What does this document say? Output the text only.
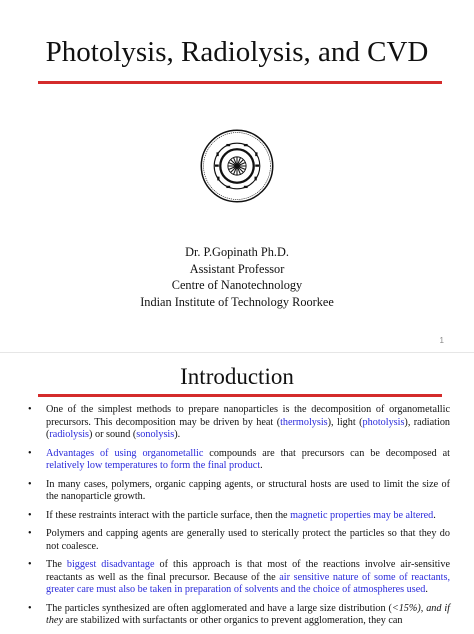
Photolysis, Radiolysis, and CVD
Dr. P.Gopinath Ph.D.
Assistant Professor
Centre of Nanotechnology
Indian Institute of Technology Roorkee
1
Introduction
• One of the simplest methods to prepare nanoparticles is the decomposition of organometallic precursors. This decomposition may be driven by heat (thermolysis), light (photolysis), radiation (radiolysis) or sound (sonolysis).
• Advantages of using organometallic compounds are that precursors can be decomposed at relatively low temperatures to form the final product.
• In many cases, polymers, organic capping agents, or structural hosts are used to limit the size of the nanoparticle growth.
• If these restraints interact with the particle surface, then the magnetic properties may be altered.
• Polymers and capping agents are generally used to sterically protect the particles so that they do not coalesce.
• The biggest disadvantage of this approach is that most of the reactions involve air-sensitive reactants as well as the final precursor. Because of the air sensitive nature of some of reactants, greater care must also be taken in preparation of solvents and the choice of atmospheres used.
• The particles synthesized are often agglomerated and have a large size distribution (<15%), and if they are stabilized with surfactants or other organics to prevent agglomeration, they can
